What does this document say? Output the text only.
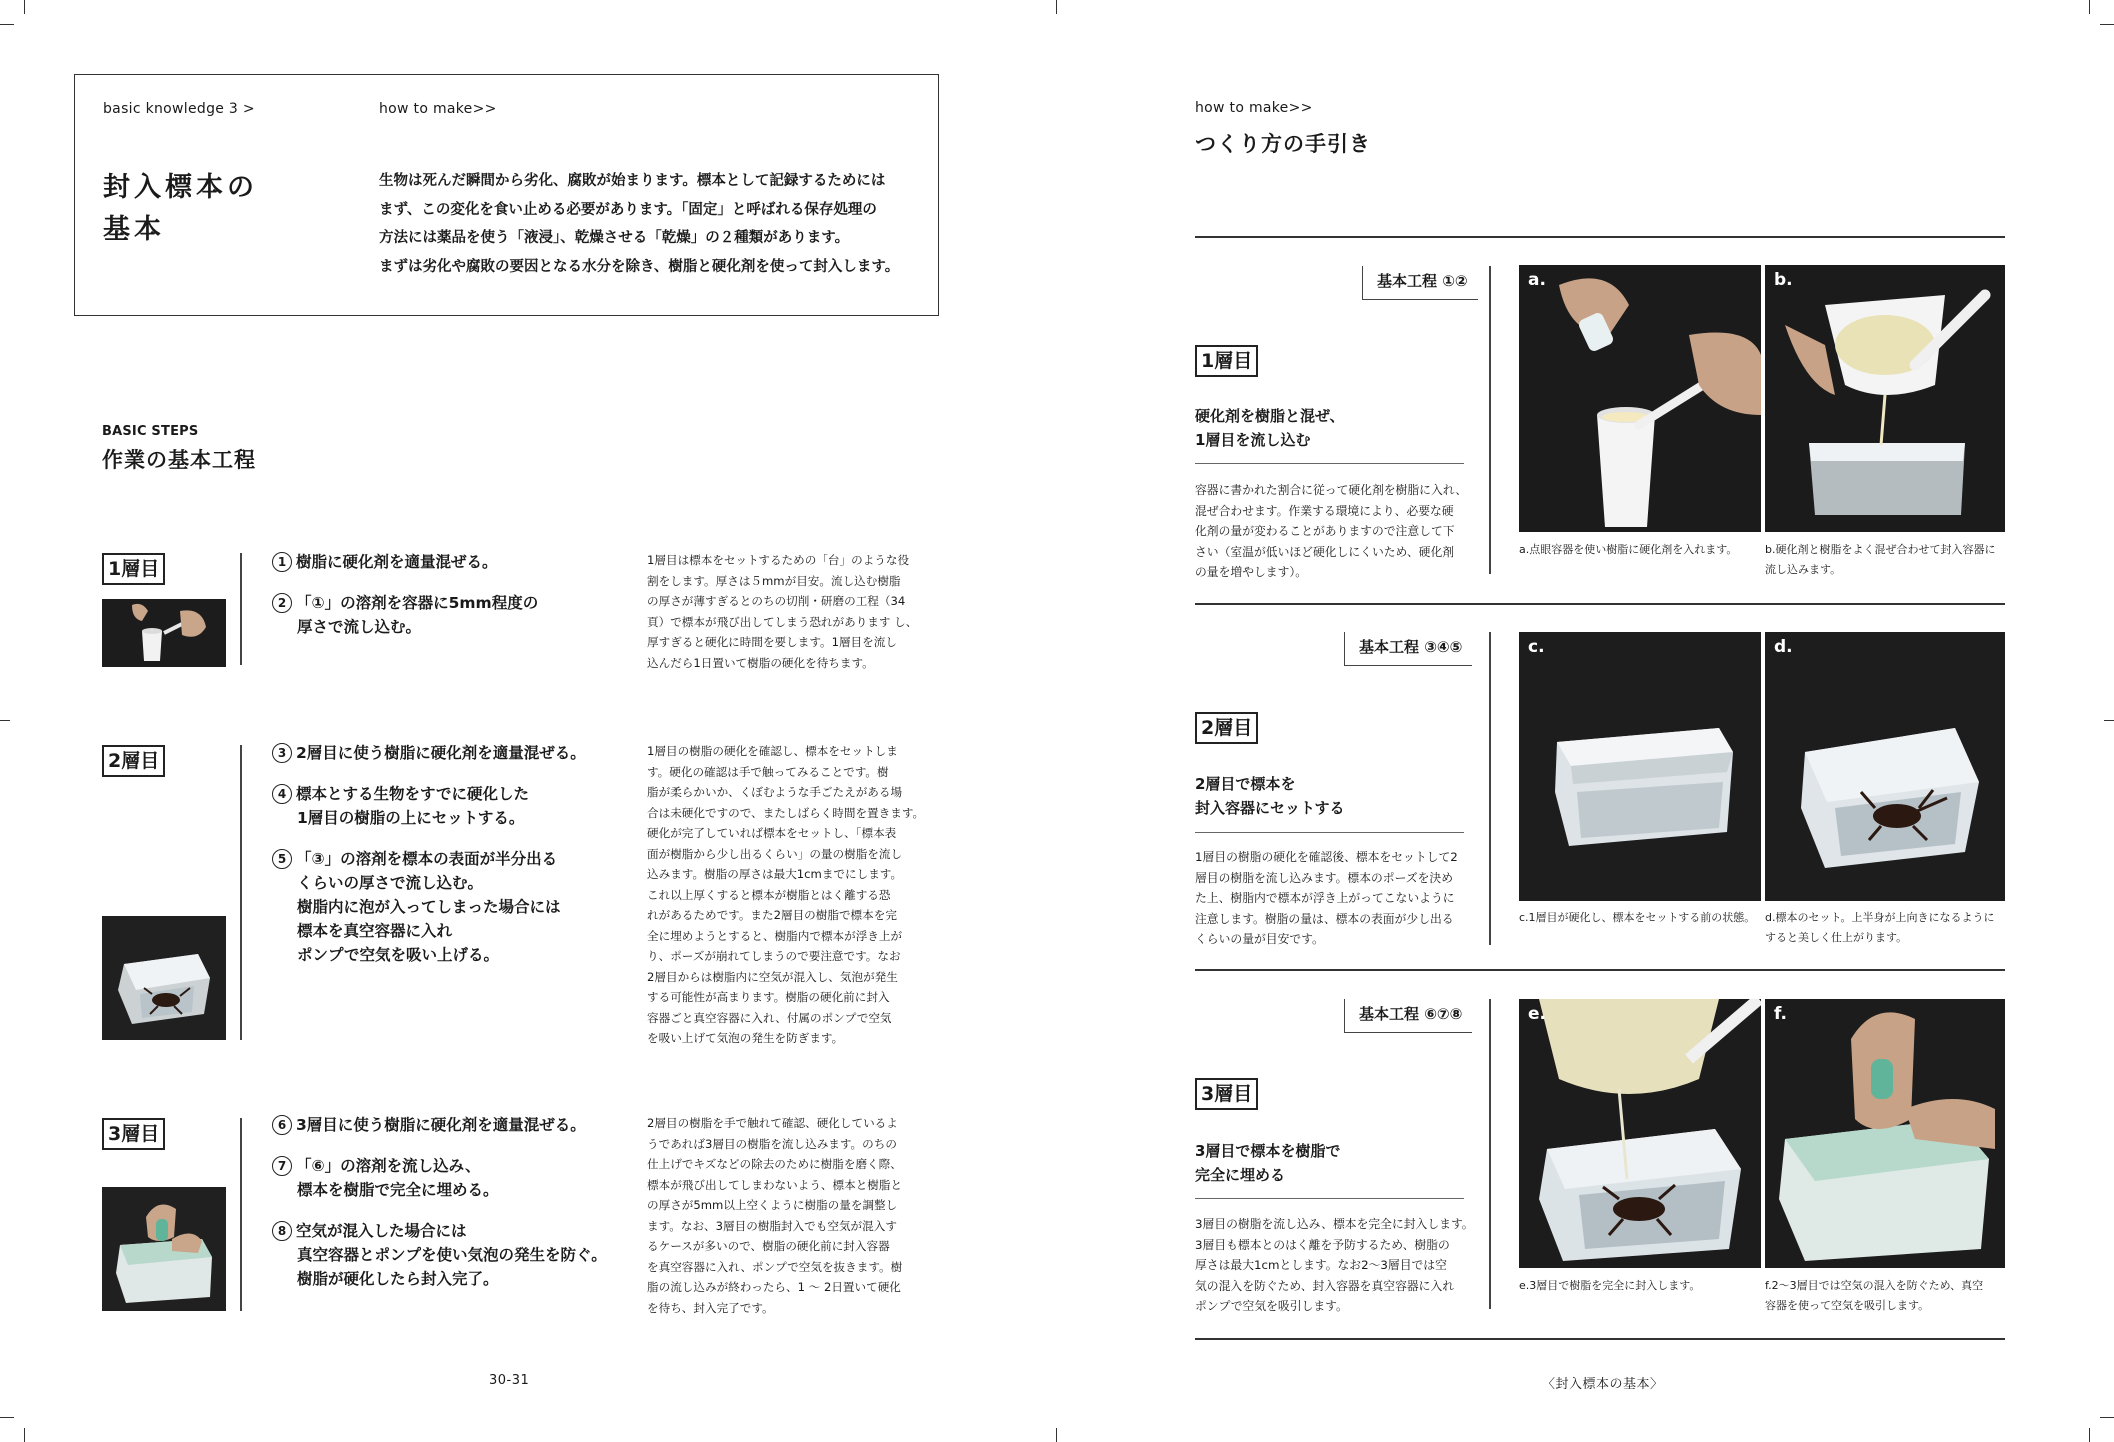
basic knowledge 3 >	how to make>>
封入標本の
基本
生物は死んだ瞬間から劣化、腐敗が始まります。標本として記録するためには
まず、この変化を食い止める必要があります。「固定」と呼ばれる保存処理の
方法には薬品を使う「液浸」、乾燥させる「乾燥」の２種類があります。
まずは劣化や腐敗の要因となる水分を除き、樹脂と硬化剤を使って封入します。
BASIC STEPS
作業の基本工程
1層目	1 樹脂に硬化剤を適量混ぜる。
2 「①」の溶剤を容器に5mm程度の
厚さで流し込む。
1層目は標本をセットするための「台」のような役
割をします。厚さは５mmが目安。流し込む樹脂
の厚さが薄すぎるとのちの切削・研磨の工程（34
頁）で標本が飛び出してしまう恐れがあります し、
厚すぎると硬化に時間を要します。1層目を流し
込んだら1日置いて樹脂の硬化を待ちます。
2層目	3 2層目に使う樹脂に硬化剤を適量混ぜる。
4 標本とする生物をすでに硬化した
1層目の樹脂の上にセットする。
5 「③」の溶剤を標本の表面が半分出る
くらいの厚さで流し込む。
樹脂内に泡が入ってしまった場合には
標本を真空容器に入れ
ポンプで空気を吸い上げる。
1層目の樹脂の硬化を確認し、標本をセットしま
す。硬化の確認は手で触ってみることです。樹
脂が柔らかいか、くぼむような手ごたえがある場
合は未硬化ですので、またしばらく時間を置きます。
硬化が完了していれば標本をセットし、「標本表
面が樹脂から少し出るくらい」の量の樹脂を流し
込みます。樹脂の厚さは最大1cmまでにします。
これ以上厚くすると標本が樹脂とはく離する恐
れがあるためです。また2層目の樹脂で標本を完
全に埋めようとすると、樹脂内で標本が浮き上が
り、ポーズが崩れてしまうので要注意です。なお
2層目からは樹脂内に空気が混入し、気泡が発生
する可能性が高まります。樹脂の硬化前に封入
容器ごと真空容器に入れ、付属のポンプで空気
を吸い上げて気泡の発生を防ぎます。
3層目	6 3層目に使う樹脂に硬化剤を適量混ぜる。
7 「⑥」の溶剤を流し込み、
標本を樹脂で完全に埋める。
8 空気が混入した場合には
真空容器とポンプを使い気泡の発生を防ぐ。
樹脂が硬化したら封入完了。
2層目の樹脂を手で触れて確認、硬化しているよ
うであれば3層目の樹脂を流し込みます。のちの
仕上げでキズなどの除去のために樹脂を磨く際、
標本が飛び出してしまわないよう、標本と樹脂と
の厚さが5mm以上空くように樹脂の量を調整し
ます。なお、3層目の樹脂封入でも空気が混入す
るケースが多いので、樹脂の硬化前に封入容器
を真空容器に入れ、ポンプで空気を抜きます。樹
脂の流し込みが終わったら、1 〜 2日置いて硬化
を待ち、封入完了です。
30-31
how to make>>
つくり方の手引き
基本工程 ①②
1層目
硬化剤を樹脂と混ぜ、
1層目を流し込む
容器に書かれた割合に従って硬化剤を樹脂に入れ、
混ぜ合わせます。作業する環境により、必要な硬
化剤の量が変わることがありますので注意して下
さい（室温が低いほど硬化しにくいため、硬化剤
の量を増やします）。
a.	b.
a.点眼容器を使い樹脂に硬化剤を入れます。	b.硬化剤と樹脂をよく混ぜ合わせて封入容器に
流し込みます。
基本工程 ③④⑤
2層目
2層目で標本を
封入容器にセットする
1層目の樹脂の硬化を確認後、標本をセットして2
層目の樹脂を流し込みます。標本のポーズを決め
た上、樹脂内で標本が浮き上がってこないように
注意します。樹脂の量は、標本の表面が少し出る
くらいの量が目安です。
c.	d.
c.1層目が硬化し、標本をセットする前の状態。 d.標本のセット。上半身が上向きになるように
すると美しく仕上がります。
基本工程 ⑥⑦⑧
3層目
3層目で標本を樹脂で
完全に埋める
3層目の樹脂を流し込み、標本を完全に封入します。
3層目も標本とのはく離を予防するため、樹脂の
厚さは最大1cmとします。なお2〜3層目では空
気の混入を防ぐため、封入容器を真空容器に入れ
ポンプで空気を吸引します。
e.	f.
e.3層目で樹脂を完全に封入します。	f.2〜3層目では空気の混入を防ぐため、真空
容器を使って空気を吸引します。
〈封入標本の基本〉
